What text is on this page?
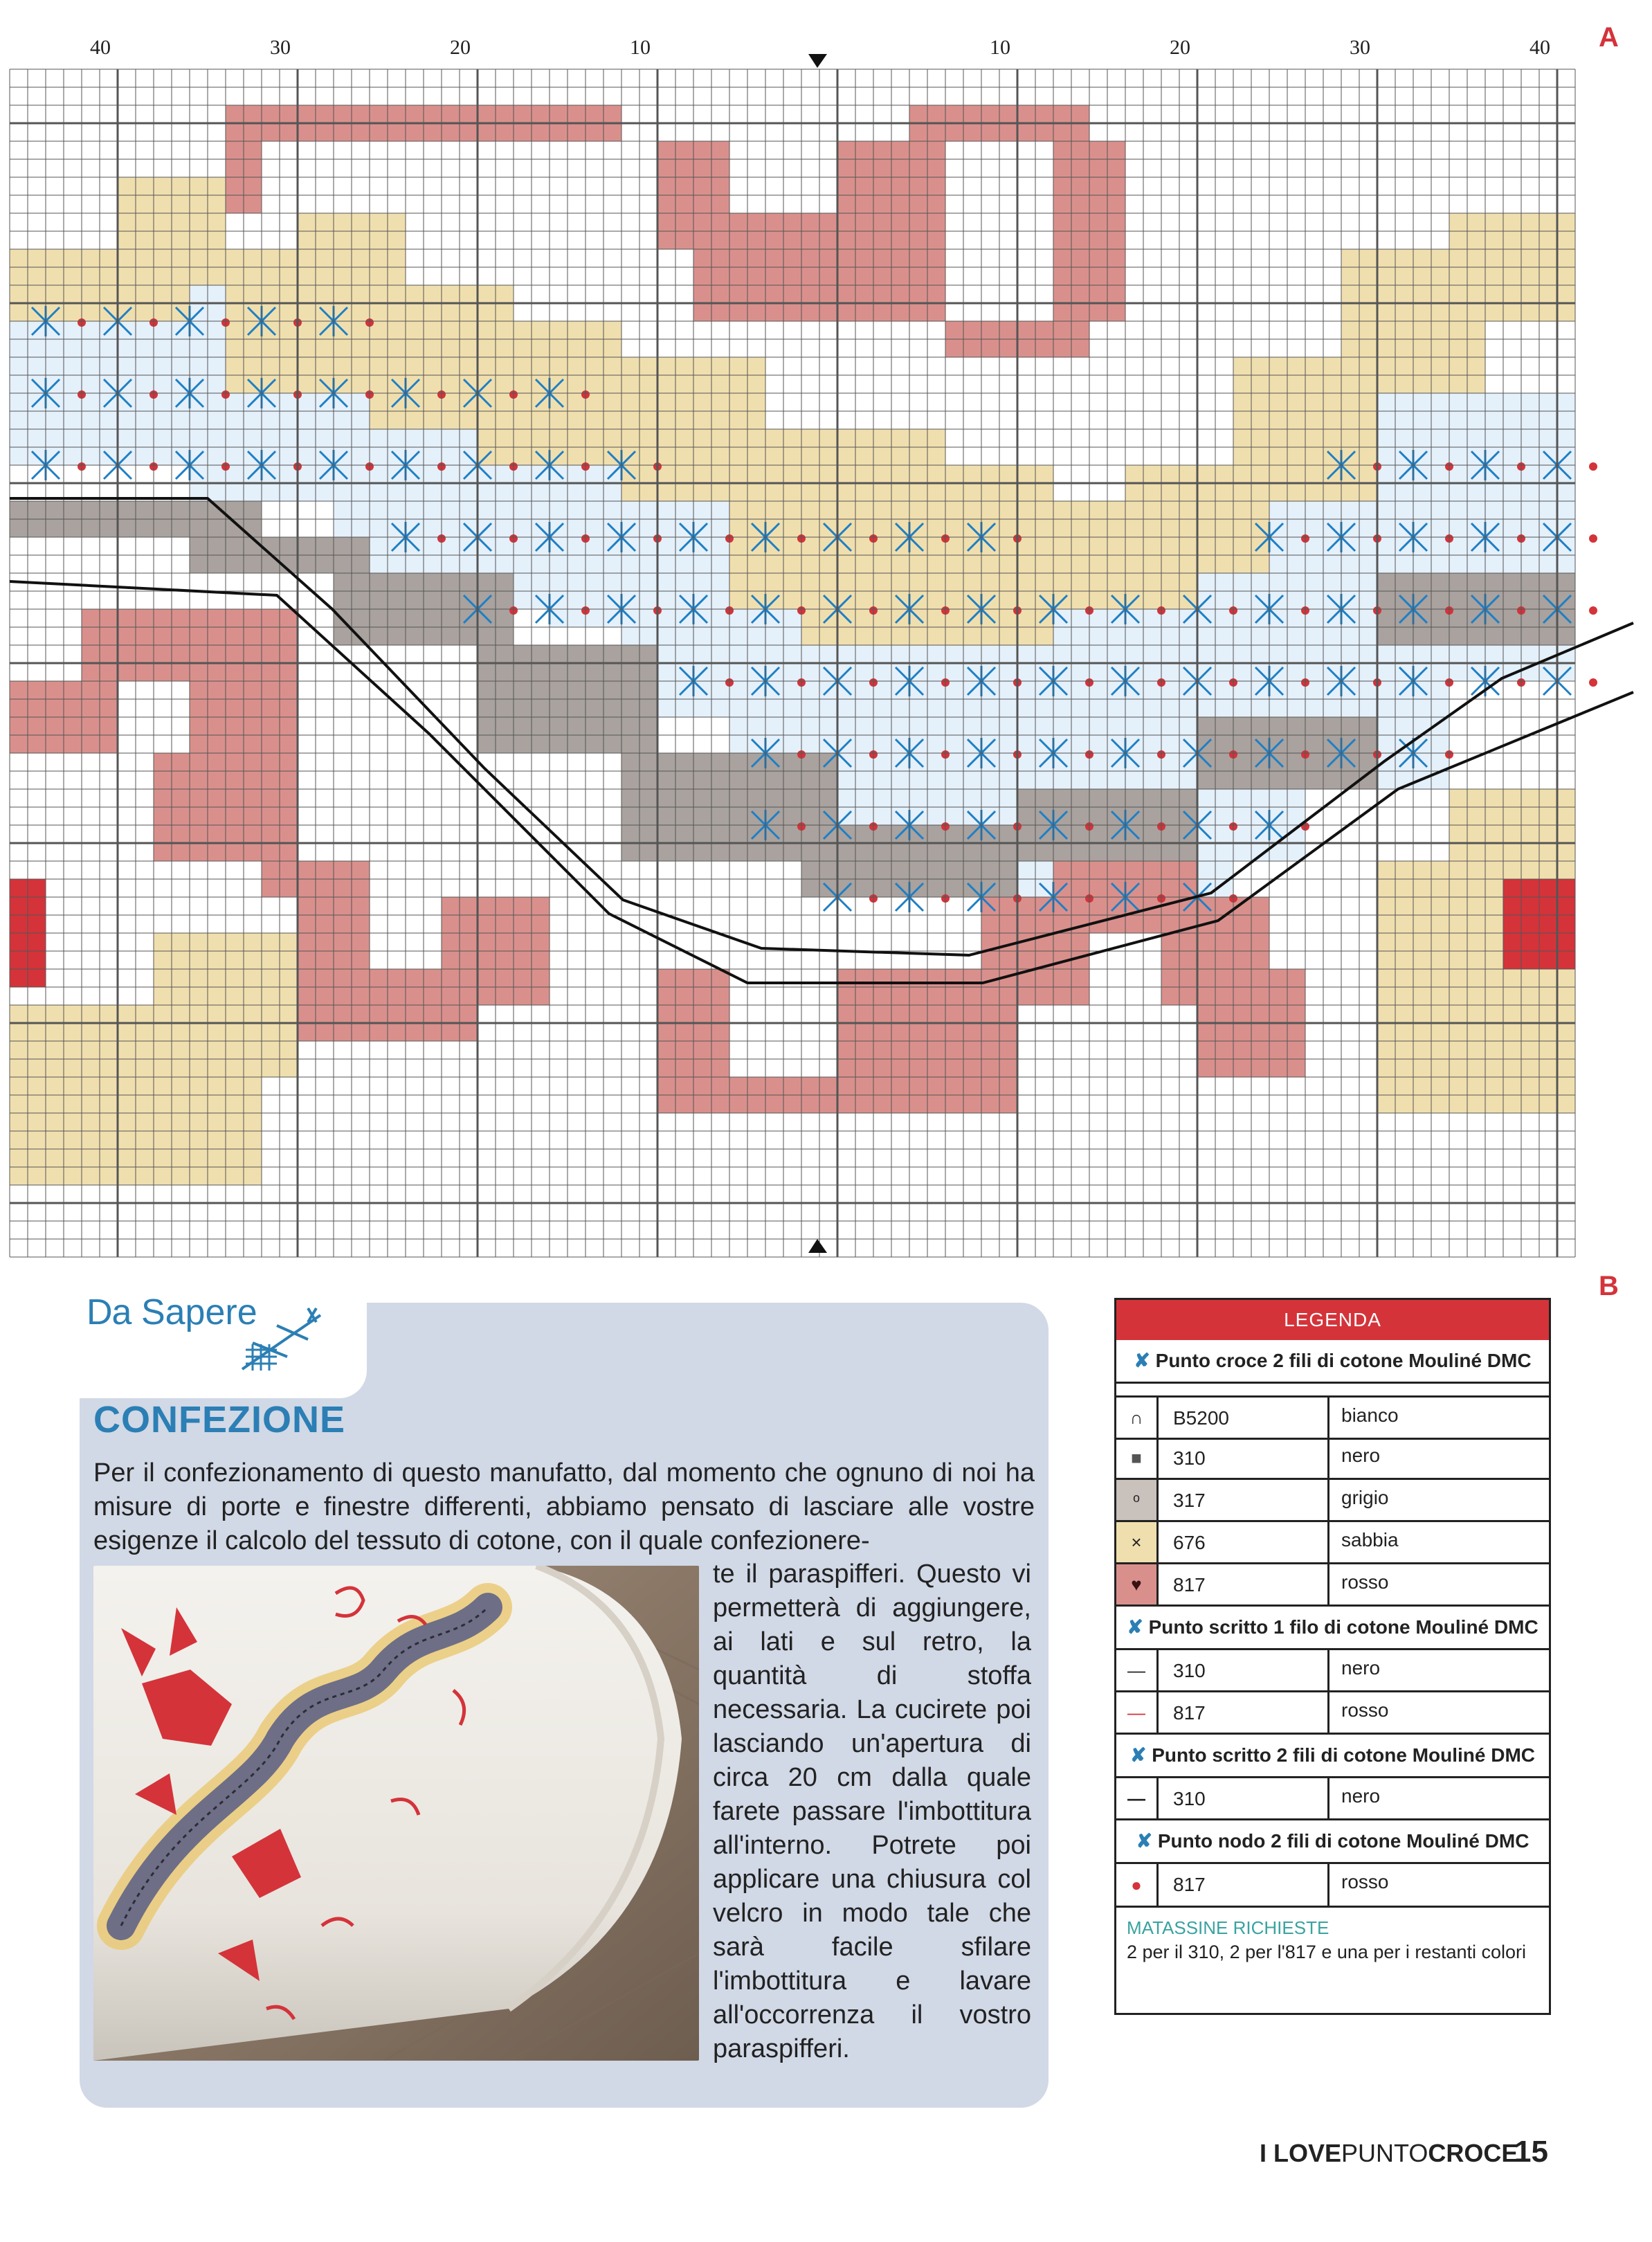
40	30	20	10	10	20	30	40 A
B
Da Sapere
CONFEZIONE
Per il confezionamento di questo manufatto, dal momento che ognuno di noi ha misure di porte e finestre differenti, abbiamo pensato di lasciare alle vostre esigenze il calcolo del tessuto di cotone, con il quale confezionere-
te il paraspifferi. Questo vi permetterà di aggiungere, ai lati e sul retro, la quantità di stoffa necessaria. La cucirete poi lasciando un'apertura di circa 20 cm dalla quale farete passare l'imbottitura all'interno. Potrete poi applicare una chiusura col velcro in modo tale che sarà facile sfilare l'imbottitura e lavare all'occorrenza il vostro paraspifferi.
LEGENDA
✘ Punto croce 2 fili di cotone Mouliné DMC
∩	B5200	bianco
■	310	nero
ᵒ	317	grigio
×	676	sabbia
♥	817	rosso
✘ Punto scritto 1 filo di cotone Mouliné DMC
—	310	nero
—	817	rosso
✘ Punto scritto 2 fili di cotone Mouliné DMC
—	310	nero
✘ Punto nodo 2 fili di cotone Mouliné DMC
●	817	rosso
MATASSINE RICHIESTE
2 per il 310, 2 per l'817 e una per i restanti colori
I LOVEPUNTOCROCE
15
